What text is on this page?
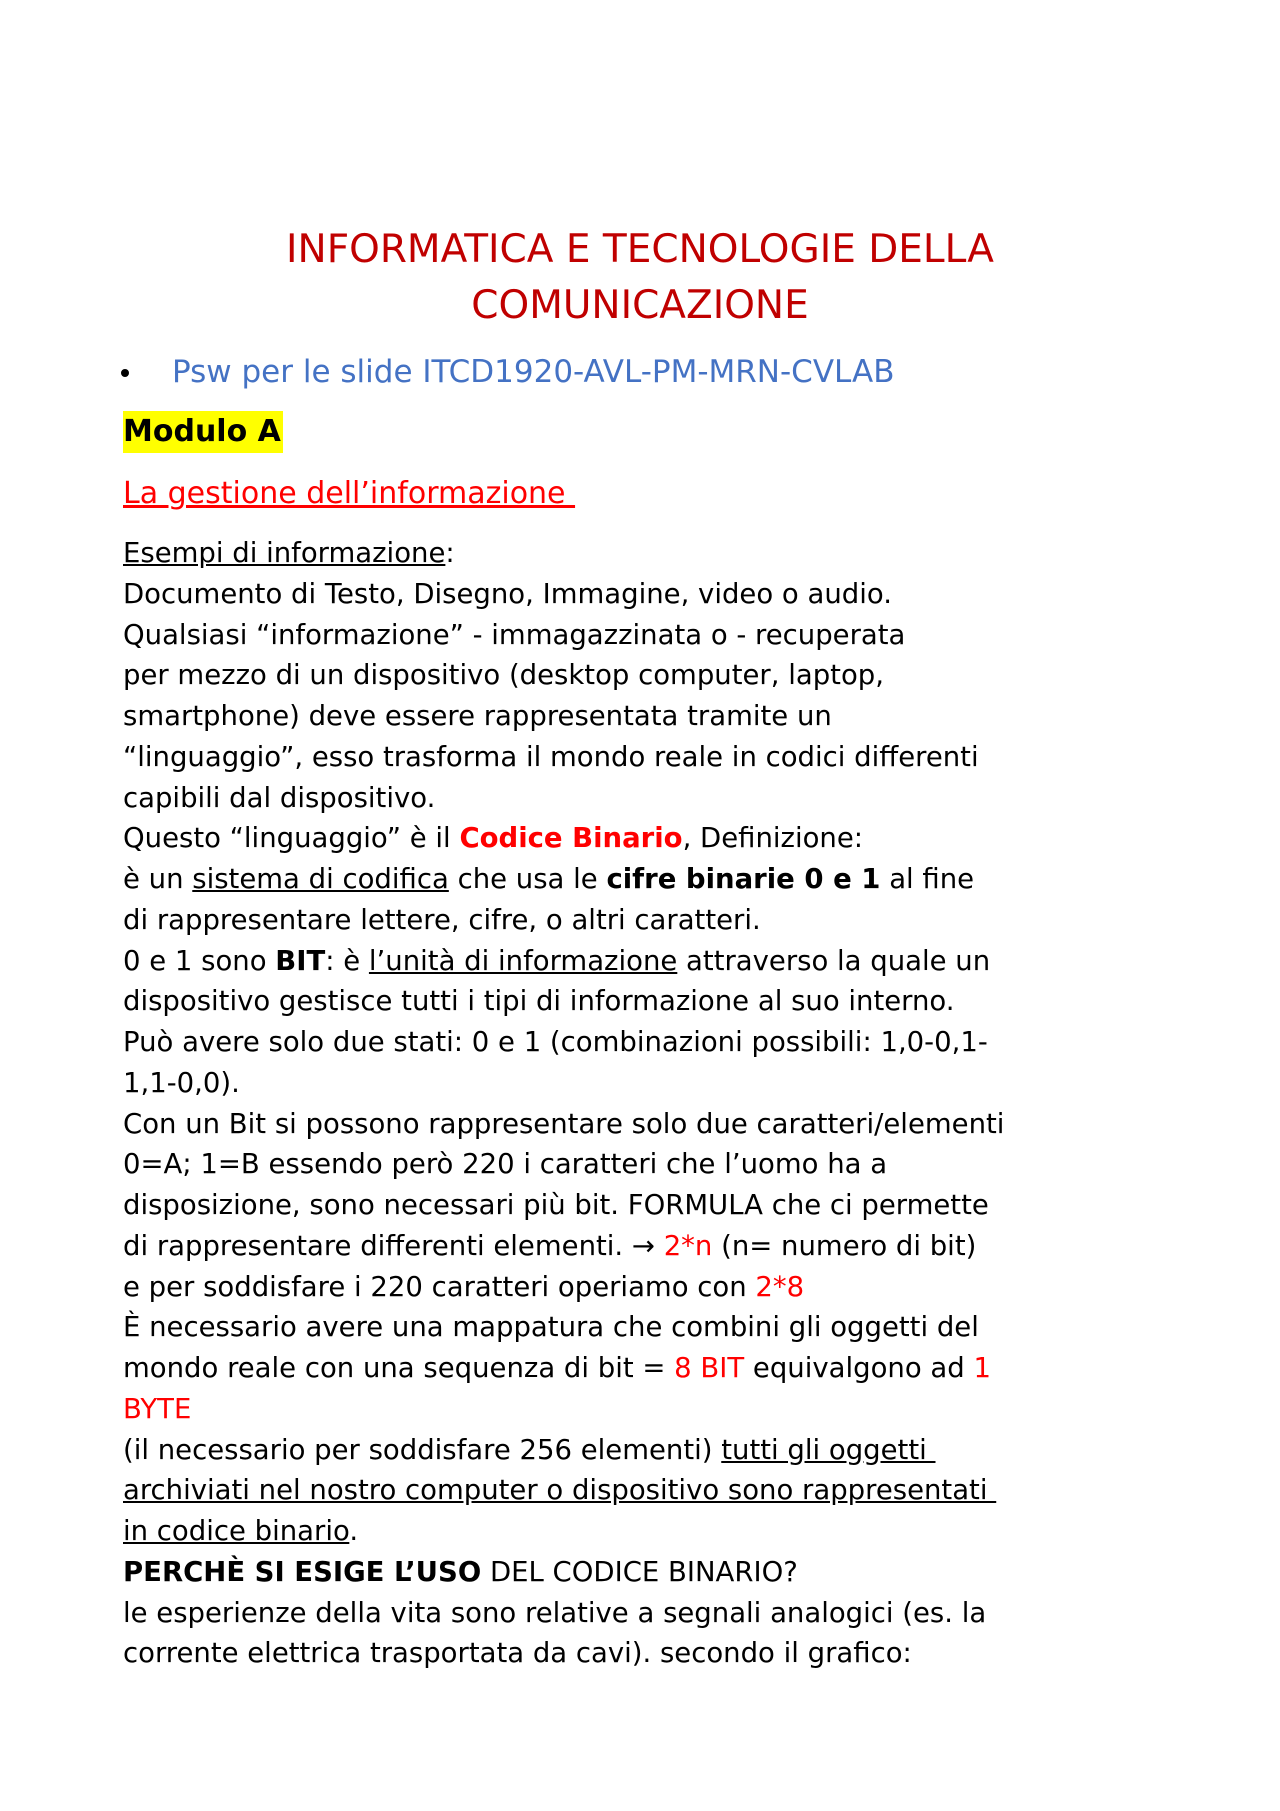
INFORMATICA E TECNOLOGIE DELLA
COMUNICAZIONE
Psw per le slide ITCD1920-AVL-PM-MRN-CVLAB
Modulo A
La gestione dell’informazione
Esempi di informazione:
Documento di Testo, Disegno, Immagine, video o audio.
Qualsiasi “informazione” - immagazzinata o - recuperata
per mezzo di un dispositivo (desktop computer, laptop,
smartphone) deve essere rappresentata tramite un
“linguaggio”, esso trasforma il mondo reale in codici differenti
capibili dal dispositivo.
Questo “linguaggio” è il Codice Binario, Definizione:
è un sistema di codifica che usa le cifre binarie 0 e 1 al fine
di rappresentare lettere, cifre, o altri caratteri.
0 e 1 sono BIT: è l’unità di informazione attraverso la quale un
dispositivo gestisce tutti i tipi di informazione al suo interno.
Può avere solo due stati: 0 e 1 (combinazioni possibili: 1,0-0,1-
1,1-0,0).
Con un Bit si possono rappresentare solo due caratteri/elementi
0=A; 1=B essendo però 220 i caratteri che l’uomo ha a
disposizione, sono necessari più bit. FORMULA che ci permette
di rappresentare differenti elementi. → 2*n (n= numero di bit)
e per soddisfare i 220 caratteri operiamo con 2*8
È necessario avere una mappatura che combini gli oggetti del
mondo reale con una sequenza di bit = 8 BIT equivalgono ad 1
BYTE
(il necessario per soddisfare 256 elementi) tutti gli oggetti
archiviati nel nostro computer o dispositivo sono rappresentati
in codice binario.
PERCHÈ SI ESIGE L’USO DEL CODICE BINARIO?
le esperienze della vita sono relative a segnali analogici (es. la
corrente elettrica trasportata da cavi). secondo il grafico:
